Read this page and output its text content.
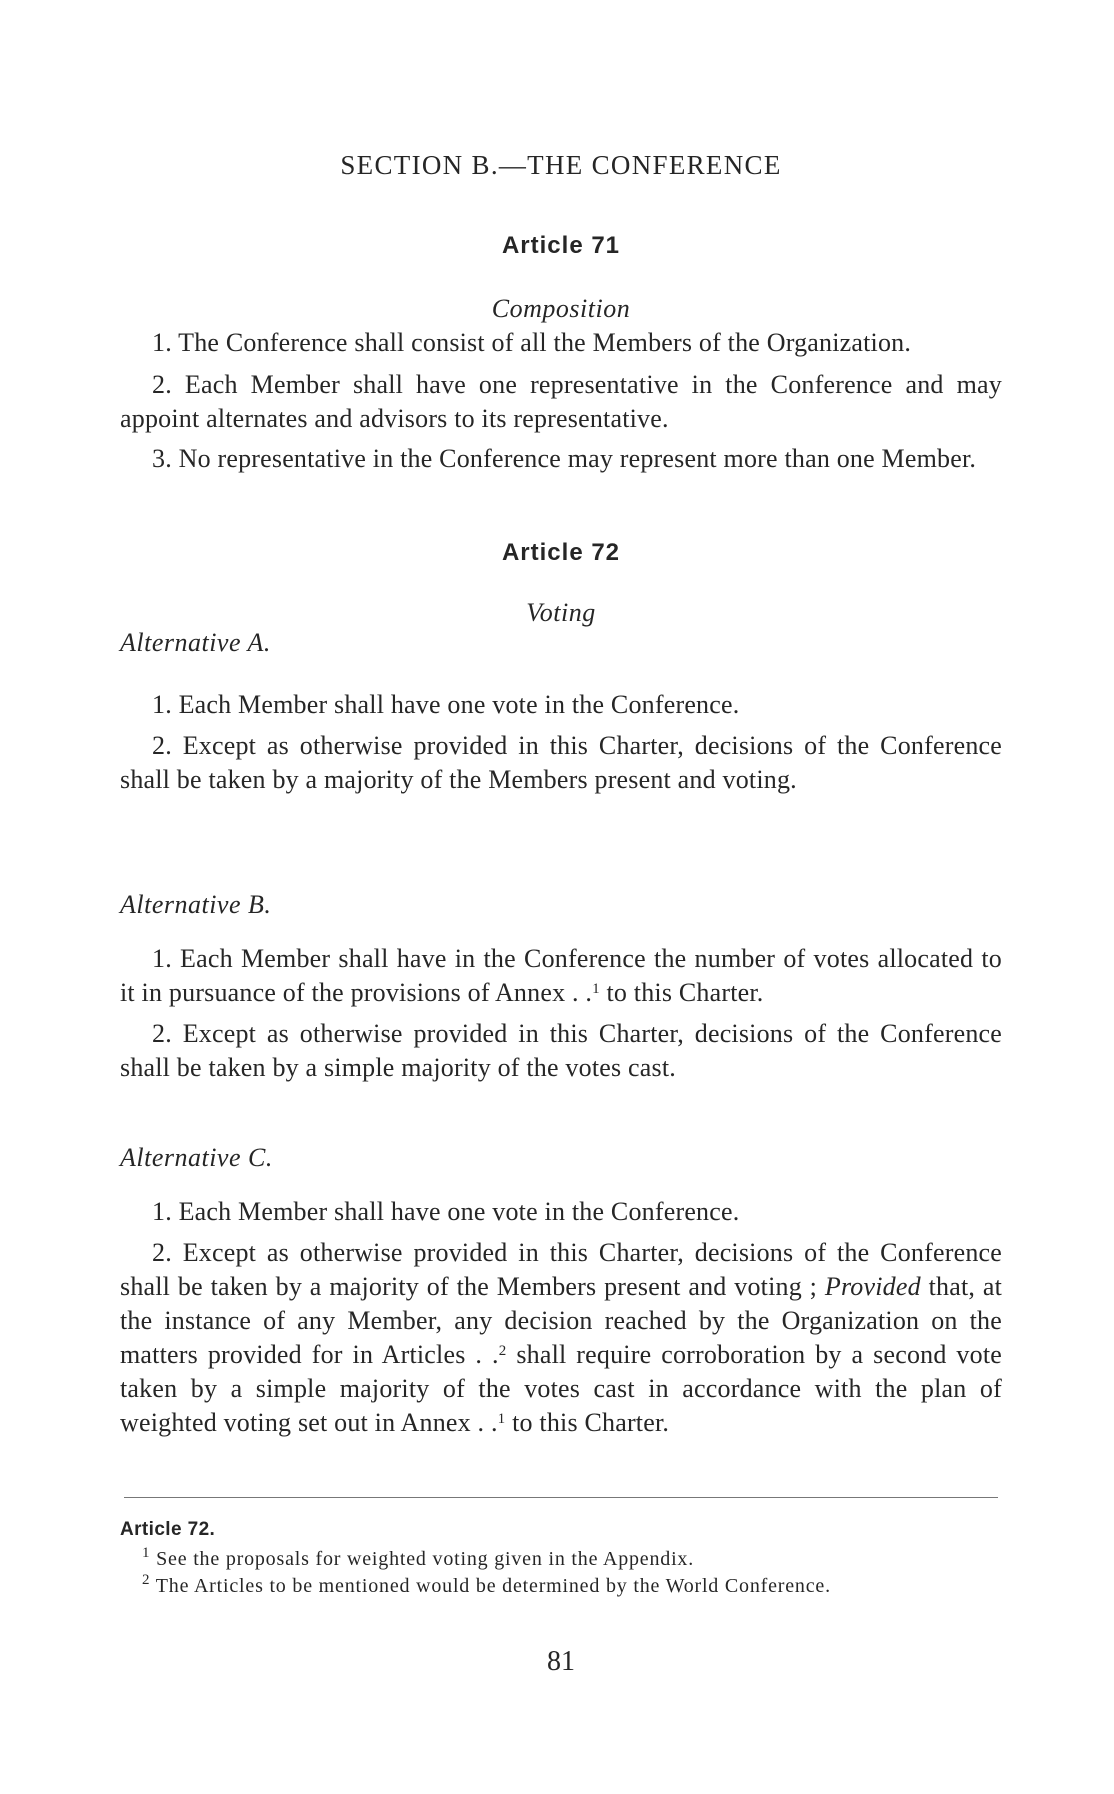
SECTION B.—THE CONFERENCE
Article 71
Composition
1. The Conference shall consist of all the Members of the Organization.
2. Each Member shall have one representative in the Conference and may appoint alternates and advisors to its representative.
3. No representative in the Conference may represent more than one Member.
Article 72
Voting
Alternative A.
1. Each Member shall have one vote in the Conference.
2. Except as otherwise provided in this Charter, decisions of the Conference shall be taken by a majority of the Members present and voting.
Alternative B.
1. Each Member shall have in the Conference the number of votes allocated to it in pursuance of the provisions of Annex . .$^1$ to this Charter.
2. Except as otherwise provided in this Charter, decisions of the Conference shall be taken by a simple majority of the votes cast.
Alternative C.
1. Each Member shall have one vote in the Conference.
2. Except as otherwise provided in this Charter, decisions of the Conference shall be taken by a majority of the Members present and voting ; Provided that, at the instance of any Member, any decision reached by the Organization on the matters provided for in Articles . .$^2$ shall require corroboration by a second vote taken by a simple majority of the votes cast in accordance with the plan of weighted voting set out in Annex . .$^1$ to this Charter.
Article 72.
$^1$ See the proposals for weighted voting given in the Appendix.
$^2$ The Articles to be mentioned would be determined by the World Conference.
81
